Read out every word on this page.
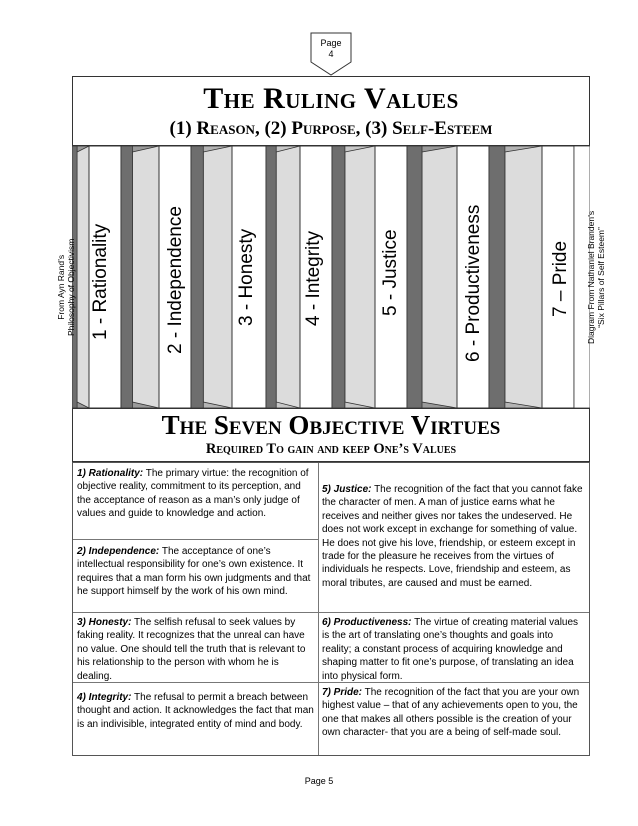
Page
4
The Ruling Values
(1) Reason, (2) Purpose, (3) Self-Esteem
1 - Rationality	2 - Independence	3 - Honesty 4 - Integrity	5 - Justice	6 - Productiveness	7 – Pride
From Ayn Rand’s Philosophy of Objectivism	Diagram From Nathaniel Branden’s “Six Pillars of Self Esteem”
The Seven Objective Virtues
Required To gain and keep One’s Values
1) Rationality: The primary virtue: the recognition of objective reality, commitment to its perception, and the acceptance of reason as a man’s only judge of values and guide to knowledge and action.
2) Independence: The acceptance of one’s intellectual responsibility for one’s own existence. It requires that a man form his own judgments and that he support himself by the work of his own mind.
3) Honesty: The selfish refusal to seek values by faking reality. It recognizes that the unreal can have no value. One should tell the truth that is relevant to his relationship to the person with whom he is dealing.
4) Integrity: The refusal to permit a breach between thought and action. It acknowledges the fact that man is an indivisible, integrated entity of mind and body.
5) Justice: The recognition of the fact that you cannot fake the character of men. A man of justice earns what he receives and neither gives nor takes the undeserved. He does not work except in exchange for something of value. He does not give his love, friendship, or esteem except in trade for the pleasure he receives from the virtues of individuals he respects. Love, friendship and esteem, as moral tributes, are caused and must be earned.
6) Productiveness: The virtue of creating material values is the art of translating one’s thoughts and goals into reality; a constant process of acquiring knowledge and shaping matter to fit one’s purpose, of translating an idea into physical form.
7) Pride: The recognition of the fact that you are your own highest value – that of any achievements open to you, the one that makes all others possible is the creation of your own character- that you are a being of self-made soul.
Page 5
